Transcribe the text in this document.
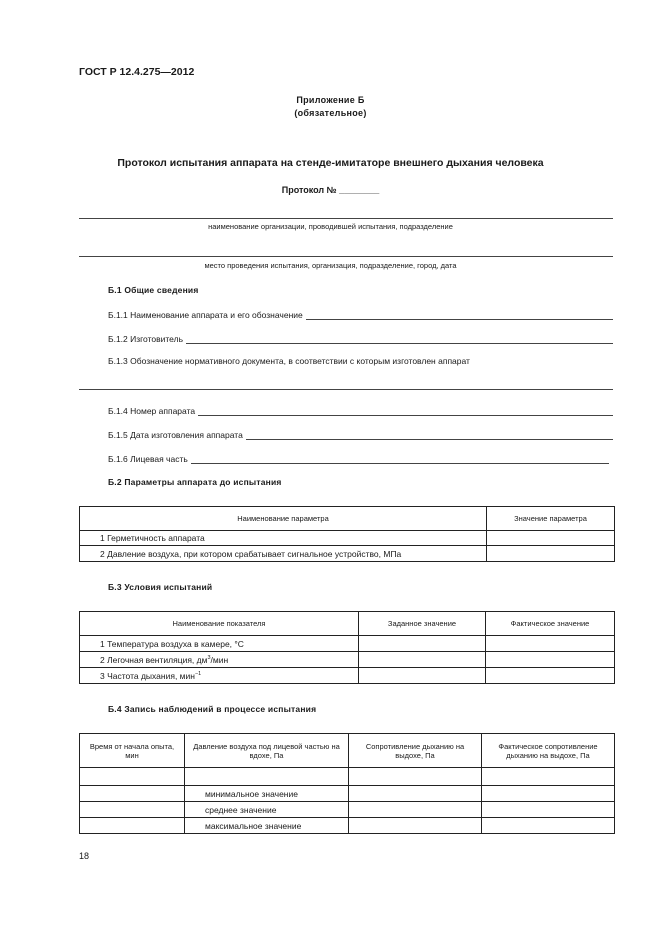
ГОСТ Р 12.4.275—2012
Приложение Б
(обязательное)
Протокол испытания аппарата на стенде-имитаторе внешнего дыхания человека
Протокол № ________
наименование организации, проводившей испытания, подразделение
место проведения испытания, организация, подразделение, город, дата
Б.1 Общие сведения
Б.1.1 Наименование аппарата и его обозначение
Б.1.2 Изготовитель
Б.1.3 Обозначение нормативного документа, в соответствии с которым изготовлен аппарат
Б.1.4 Номер аппарата
Б.1.5 Дата изготовления аппарата
Б.1.6 Лицевая часть
Б.2 Параметры аппарата до испытания
Наименование параметра	Значение параметра
1 Герметичность аппарата	
2 Давление воздуха, при котором срабатывает сигнальное устройство, МПа	
Б.3 Условия испытаний
Наименование показателя	Заданное значение	Фактическое значение
1 Температура воздуха в камере, °С		
2 Легочная вентиляция, $дм^3$/мин		
3 Частота дыхания, мин$^{-1}$		
Б.4 Запись наблюдений в процессе испытания
Время от начала опыта, мин	Давление воздуха под лицевой частью на вдохе, Па	Сопротивление дыханию на выдохе, Па	Фактическое сопротивление дыханию на выдохе, Па

	минимальное значение		
	среднее значение		
	максимальное значение		
18
